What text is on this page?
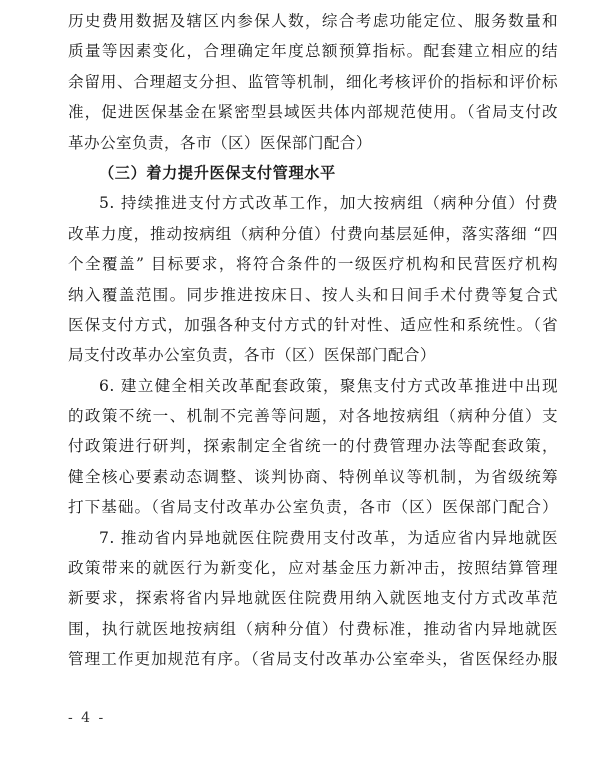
历史费用数据及辖区内参保人数，综合考虑功能定位、服务数量和
质量等因素变化，合理确定年度总额预算指标。配套建立相应的结
余留用、合理超支分担、监管等机制，细化考核评价的指标和评价标
准，促进医保基金在紧密型县域医共体内部规范使用。（省局支付改
革办公室负责，各市（区）医保部门配合）
（三）着力提升医保支付管理水平
5. 持续推进支付方式改革工作，加大按病组（病种分值）付费
改革力度，推动按病组（病种分值）付费向基层延伸，落实落细 “四
个全覆盖” 目标要求，将符合条件的一级医疗机构和民营医疗机构
纳入覆盖范围。同步推进按床日、按人头和日间手术付费等复合式
医保支付方式，加强各种支付方式的针对性、适应性和系统性。（省
局支付改革办公室负责，各市（区）医保部门配合）
6. 建立健全相关改革配套政策，聚焦支付方式改革推进中出现
的政策不统一、机制不完善等问题，对各地按病组（病种分值）支
付政策进行研判，探索制定全省统一的付费管理办法等配套政策，
健全核心要素动态调整、谈判协商、特例单议等机制，为省级统筹
打下基础。（省局支付改革办公室负责，各市（区）医保部门配合）
7. 推动省内异地就医住院费用支付改革，为适应省内异地就医
政策带来的就医行为新变化，应对基金压力新冲击，按照结算管理
新要求，探索将省内异地就医住院费用纳入就医地支付方式改革范
围，执行就医地按病组（病种分值）付费标准，推动省内异地就医
管理工作更加规范有序。（省局支付改革办公室牵头，省医保经办服
- 4 -
